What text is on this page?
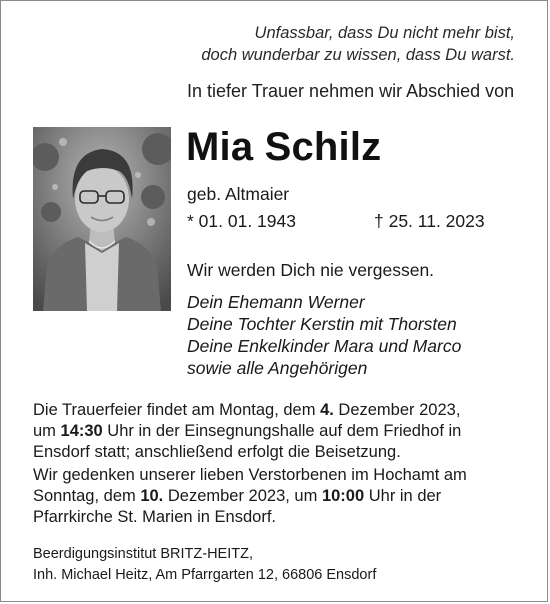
Unfassbar, dass Du nicht mehr bist,
doch wunderbar zu wissen, dass Du warst.
In tiefer Trauer nehmen wir Abschied von
Mia Schilz
geb. Altmaier
* 01. 01. 1943	† 25. 11. 2023
Wir werden Dich nie vergessen.
Dein Ehemann Werner
Deine Tochter Kerstin mit Thorsten
Deine Enkelkinder Mara und Marco
sowie alle Angehörigen
Die Trauerfeier findet am Montag, dem 4. Dezember 2023,
um 14:30 Uhr in der Einsegnungshalle auf dem Friedhof in
Ensdorf statt; anschließend erfolgt die Beisetzung.
Wir gedenken unserer lieben Verstorbenen im Hochamt am
Sonntag, dem 10. Dezember 2023, um 10:00 Uhr in der
Pfarrkirche St. Marien in Ensdorf.
Beerdigungsinstitut BRITZ-HEITZ,
Inh. Michael Heitz, Am Pfarrgarten 12, 66806 Ensdorf
